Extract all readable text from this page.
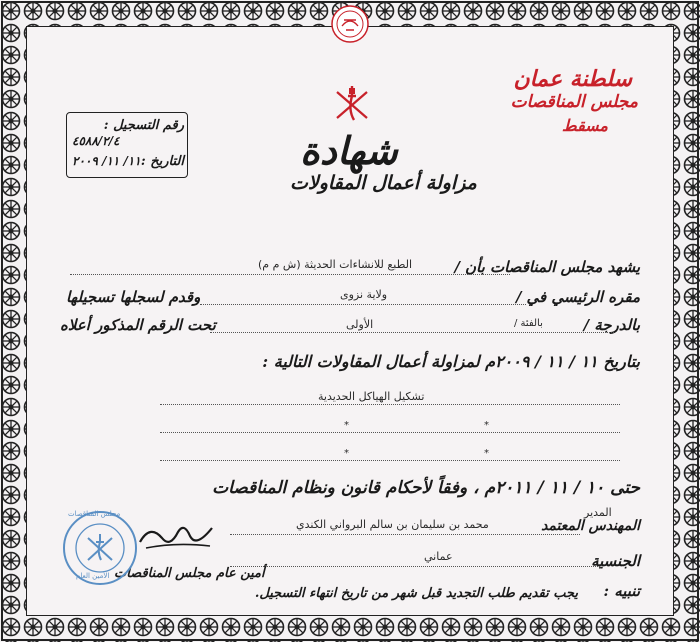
سلطنة عمان
مجلس المناقصات
مسقط
شهادة
مزاولة أعمال المقاولات
رقم التسجيل :
٤٥٨٨/٢/٤
التاريخ :
١١/ ١١/ ٢٠٠٩
يشهد مجلس المناقصات بأن /
الطبع للانشاءات الحديثة (ش م م)
مقره الرئيسي في /
ولاية نزوى
وقدم لسجلها تسجيلها
بالدرجة /
الأولى	بالفئة /
تحت الرقم المذكور أعلاه
بتاريخ ١١ / ١١ / ٢٠٠٩م لمزاولة أعمال المقاولات التالية :
تشكيل الهياكل الحديدية
*	*
*	*
حتى ١٠ / ١١ / ٢٠١١م ، وفقاً لأحكام قانون ونظام المناقصات
المدير
المهندس المعتمد
محمد بن سليمان بن سالم البرواني الكندي
الجنسية
عماني
تنبيه :
يجب تقديم طلب التجديد قبل شهر من تاريخ انتهاء التسجيل.
أمين عام مجلس المناقصات
مجلس المناقصات
الأمين العام
